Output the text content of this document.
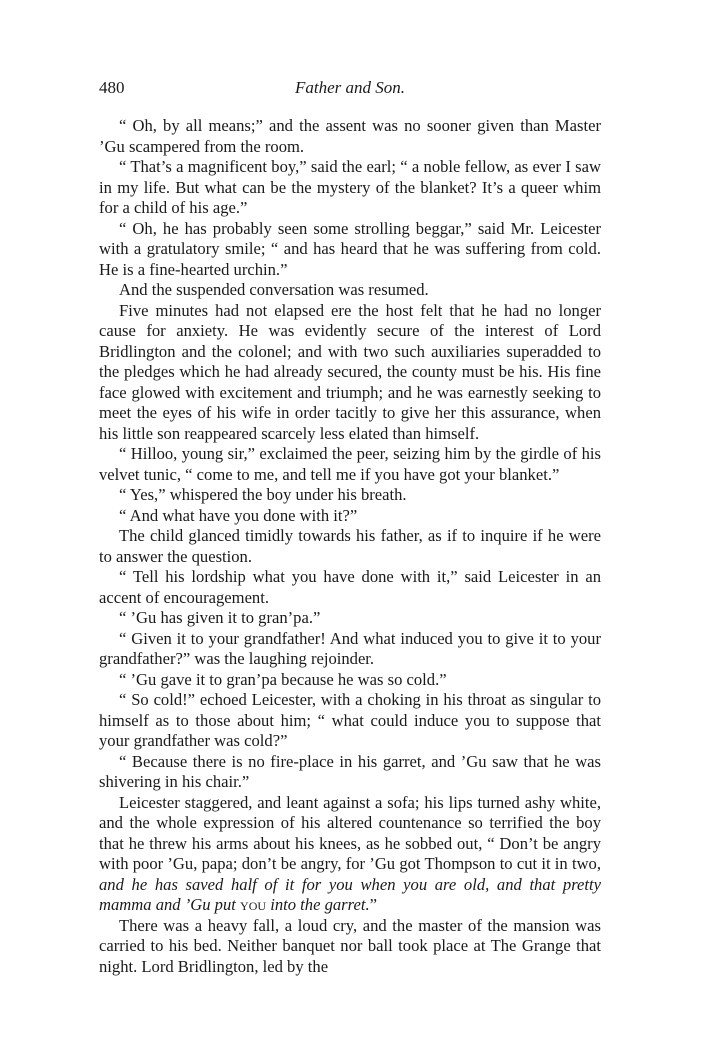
480	Father and Son.

“ Oh, by all means;” and the assent was no sooner given than Master ’Gu scampered from the room.

“ That’s a magnificent boy,” said the earl; “ a noble fellow, as ever I saw in my life. But what can be the mystery of the blanket? It’s a queer whim for a child of his age.”

“ Oh, he has probably seen some strolling beggar,” said Mr. Leicester with a gratulatory smile; “ and has heard that he was suffering from cold. He is a fine-hearted urchin.”

And the suspended conversation was resumed.

Five minutes had not elapsed ere the host felt that he had no longer cause for anxiety. He was evidently secure of the interest of Lord Bridlington and the colonel; and with two such auxiliaries superadded to the pledges which he had already secured, the county must be his. His fine face glowed with excitement and triumph; and he was earnestly seeking to meet the eyes of his wife in order tacitly to give her this assurance, when his little son reappeared scarcely less elated than himself.

“ Hilloo, young sir,” exclaimed the peer, seizing him by the girdle of his velvet tunic, “ come to me, and tell me if you have got your blanket.”

“ Yes,” whispered the boy under his breath.

“ And what have you done with it?”

The child glanced timidly towards his father, as if to inquire if he were to answer the question.

“ Tell his lordship what you have done with it,” said Leicester in an accent of encouragement.

“ ’Gu has given it to gran’pa.”

“ Given it to your grandfather! And what induced you to give it to your grandfather?” was the laughing rejoinder.

“ ’Gu gave it to gran’pa because he was so cold.”

“ So cold!” echoed Leicester, with a choking in his throat as singular to himself as to those about him; “ what could induce you to suppose that your grandfather was cold?”

“ Because there is no fire-place in his garret, and ’Gu saw that he was shivering in his chair.”

Leicester staggered, and leant against a sofa; his lips turned ashy white, and the whole expression of his altered countenance so terrified the boy that he threw his arms about his knees, as he sobbed out, “ Don’t be angry with poor ’Gu, papa; don’t be angry, for ’Gu got Thompson to cut it in two, and he has saved half of it for you when you are old, and that pretty mamma and ’Gu put you into the garret.”

There was a heavy fall, a loud cry, and the master of the mansion was carried to his bed. Neither banquet nor ball took place at The Grange that night. Lord Bridlington, led by the
